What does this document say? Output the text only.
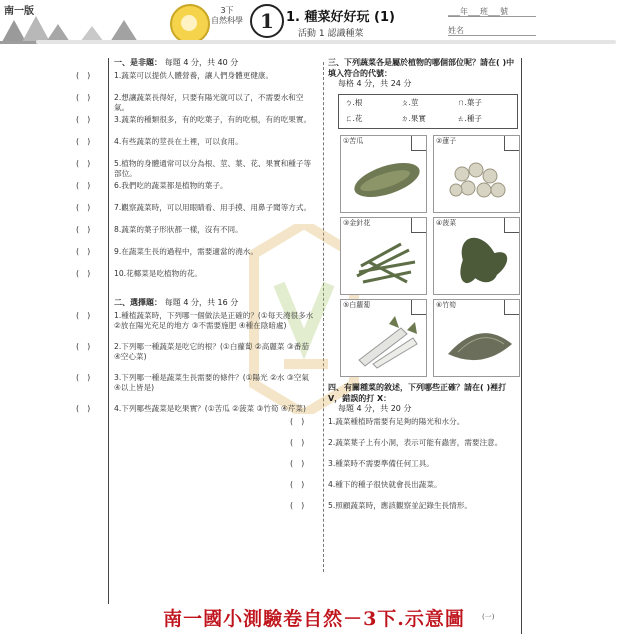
南一版	3下
自然科學 1 1. 種菜好好玩 (1)
活動 1 認識種菜
___年___班___號
姓名
一、是非題： 每題 4 分，共 40 分
(　)	1.蔬菜可以提供人體營養，讓人們身體更健康。
(　)	2.想讓蔬菜長得好，只要有陽光就可以了，不需要水和空氣。
(　)	3.蔬菜的種類很多，有的吃葉子，有的吃根，有的吃果實。
(　)	4.有些蔬菜的莖長在土裡，可以食用。
(　)	5.植物的身體通常可以分為根、莖、葉、花、果實和種子等部位。
(　)	6.我們吃的蔬菜都是植物的葉子。
(　)	7.觀察蔬菜時，可以用眼睛看、用手摸、用鼻子聞等方式。
(　)	8.蔬菜的葉子形狀都一樣，沒有不同。
(　)	9.在蔬菜生長的過程中，需要適當的澆水。
(　)	10.花椰菜是吃植物的花。
二、選擇題： 每題 4 分，共 16 分
(　)	1.種植蔬菜時，下列哪一個做法是正確的？(①每天澆很多水 ②放在陽光充足的地方 ③不需要施肥 ④種在陰暗處)
(　)	2.下列哪一種蔬菜是吃它的根？(①白蘿蔔 ②高麗菜 ③番茄 ④空心菜)
(　)	3.下列哪一種是蔬菜生長需要的條件？(①陽光 ②水 ③空氣 ④以上皆是)
(　)	4.下列哪些蔬菜是吃果實？(①苦瓜 ②菠菜 ③竹筍 ④芹菜)
三、下列蔬菜各是屬於植物的哪個部位呢？請在( )中填入符合的代號：
每格 4 分，共 24 分
ㄅ.根	ㄆ.莖	ㄇ.葉子
ㄈ.花	ㄉ.果實	ㄊ.種子
①苦瓜	②蓮子
③金針花	④菠菜
⑤白蘿蔔	⑥竹筍
四、有關種菜的敘述，下列哪些正確？請在( )裡打 V，錯誤的打 X：
每題 4 分，共 20 分
(　)	1.蔬菜種植時需要有足夠的陽光和水分。
(　)	2.蔬菜葉子上有小洞，表示可能有蟲害，需要注意。
(　)	3.種菜時不需要準備任何工具。
(　)	4.種下的種子很快就會長出蔬菜。
(　)	5.照顧蔬菜時，應該觀察並記錄生長情形。
南一國小測驗卷自然－3下.示意圖	(一)
